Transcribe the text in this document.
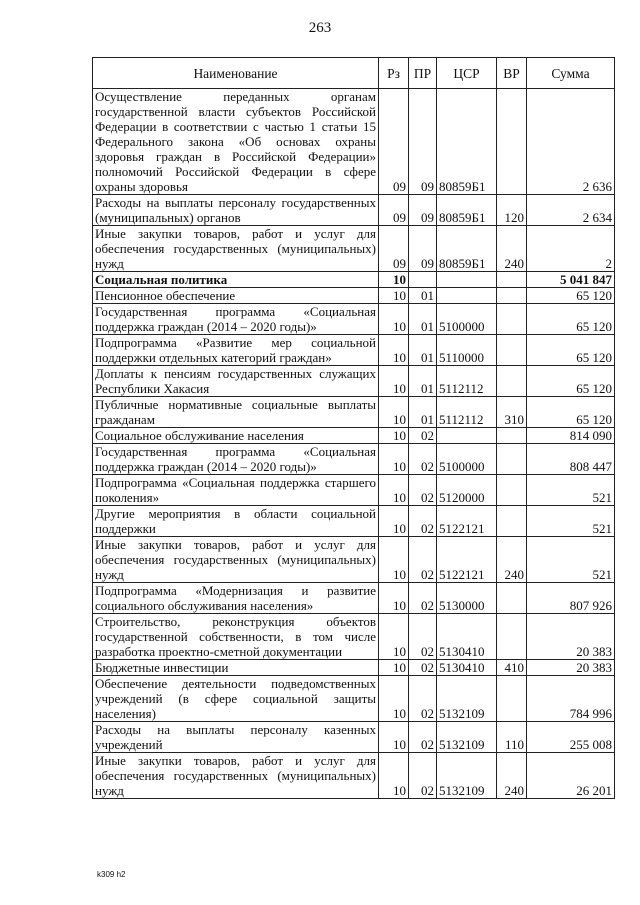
263
Наименование	Рз	ПР	ЦСР	ВР	Сумма
Осуществление переданных органам государственной власти субъектов Российской Федерации в соответствии с частью 1 статьи 15 Федерального закона «Об основах охраны здоровья граждан в Российской Федерации» полномочий Российской Федерации в сфере охраны здоровья	09	09	80859Б1		2 636
Расходы на выплаты персоналу государственных (муниципальных) органов	09	09	80859Б1	120	2 634
Иные закупки товаров, работ и услуг для обеспечения государственных (муниципальных) нужд	09	09	80859Б1	240	2
Социальная политика	10				5 041 847
Пенсионное обеспечение	10	01			65 120
Государственная программа «Социальная поддержка граждан (2014 – 2020 годы)»	10	01	5100000		65 120
Подпрограмма «Развитие мер социальной поддержки отдельных категорий граждан»	10	01	5110000		65 120
Доплаты к пенсиям государственных служащих Республики Хакасия	10	01	5112112		65 120
Публичные нормативные социальные выплаты гражданам	10	01	5112112	310	65 120
Социальное обслуживание населения	10	02			814 090
Государственная программа «Социальная поддержка граждан (2014 – 2020 годы)»	10	02	5100000		808 447
Подпрограмма «Социальная поддержка старшего поколения»	10	02	5120000		521
Другие мероприятия в области социальной поддержки	10	02	5122121		521
Иные закупки товаров, работ и услуг для обеспечения государственных (муниципальных) нужд	10	02	5122121	240	521
Подпрограмма «Модернизация и развитие социального обслуживания населения»	10	02	5130000		807 926
Строительство, реконструкция объектов государственной собственности, в том числе разработка проектно-сметной документации	10	02	5130410		20 383
Бюджетные инвестиции	10	02	5130410	410	20 383
Обеспечение деятельности подведомственных учреждений (в сфере социальной защиты населения)	10	02	5132109		784 996
Расходы на выплаты персоналу казенных учреждений	10	02	5132109	110	255 008
Иные закупки товаров, работ и услуг для обеспечения государственных (муниципальных) нужд	10	02	5132109	240	26 201
k309 h2
